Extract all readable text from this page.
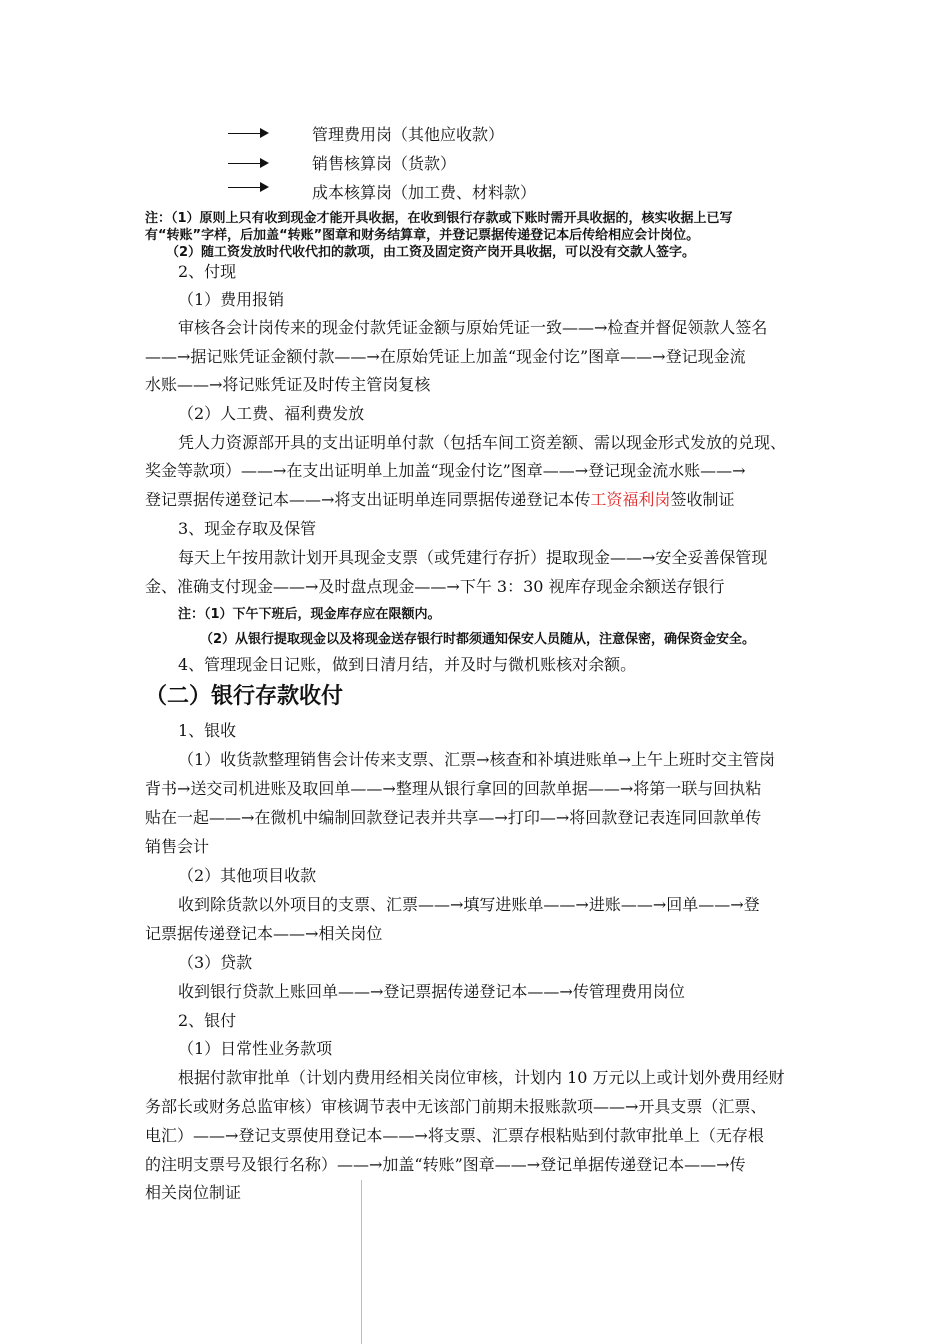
管理费用岗（其他应收款）
销售核算岗（货款）
成本核算岗（加工费、材料款）
注：（1）原则上只有收到现金才能开具收据，在收到银行存款或下账时需开具收据的，核实收据上已写
有“转账”字样，后加盖“转账”图章和财务结算章，并登记票据传递登记本后传给相应会计岗位。
（2）随工资发放时代收代扣的款项，由工资及固定资产岗开具收据，可以没有交款人签字。
2、付现
（1）费用报销
审核各会计岗传来的现金付款凭证金额与原始凭证一致——→检查并督促领款人签名
——→据记账凭证金额付款——→在原始凭证上加盖“现金付讫”图章——→登记现金流
水账——→将记账凭证及时传主管岗复核
（2）人工费、福利费发放
凭人力资源部开具的支出证明单付款（包括车间工资差额、需以现金形式发放的兑现、
奖金等款项）——→在支出证明单上加盖“现金付讫”图章——→登记现金流水账——→
登记票据传递登记本——→将支出证明单连同票据传递登记本传工资福利岗签收制证
3、现金存取及保管
每天上午按用款计划开具现金支票（或凭建行存折）提取现金——→安全妥善保管现
金、准确支付现金——→及时盘点现金——→下午 3：30 视库存现金余额送存银行
注：（1）下午下班后，现金库存应在限额内。
（2）从银行提取现金以及将现金送存银行时都须通知保安人员随从，注意保密，确保资金安全。
4、管理现金日记账，做到日清月结，并及时与微机账核对余额。
（二）银行存款收付
1、银收
（1）收货款整理销售会计传来支票、汇票→核查和补填进账单→上午上班时交主管岗
背书→送交司机进账及取回单——→整理从银行拿回的回款单据——→将第一联与回执粘
贴在一起——→在微机中编制回款登记表并共享—→打印—→将回款登记表连同回款单传
销售会计
（2）其他项目收款
收到除货款以外项目的支票、汇票——→填写进账单——→进账——→回单——→登
记票据传递登记本——→相关岗位
（3）贷款
收到银行贷款上账回单——→登记票据传递登记本——→传管理费用岗位
2、银付
（1）日常性业务款项
根据付款审批单（计划内费用经相关岗位审核，计划内 10 万元以上或计划外费用经财
务部长或财务总监审核）审核调节表中无该部门前期未报账款项——→开具支票（汇票、
电汇）——→登记支票使用登记本——→将支票、汇票存根粘贴到付款审批单上（无存根
的注明支票号及银行名称）——→加盖“转账”图章——→登记单据传递登记本——→传
相关岗位制证
